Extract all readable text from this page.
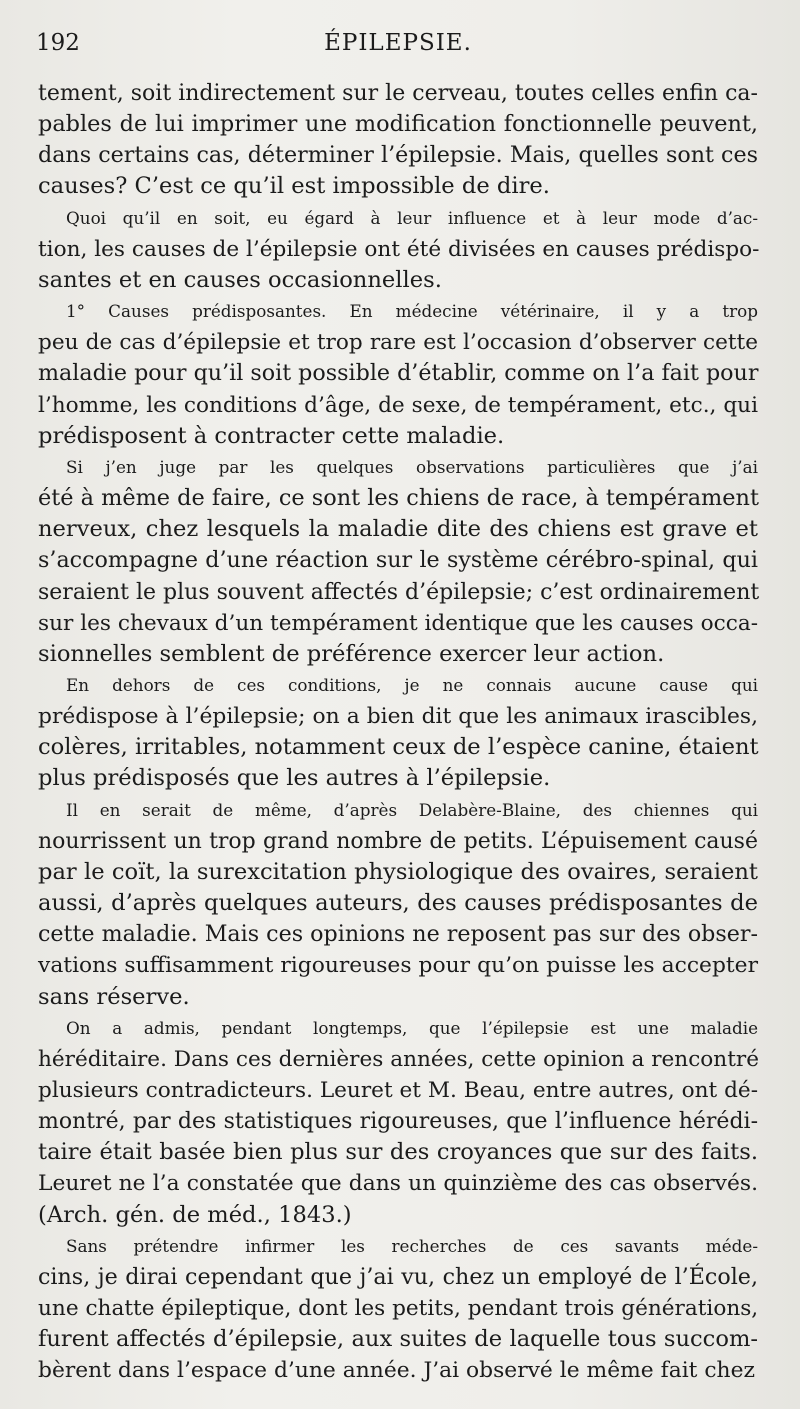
192	ÉPILEPSIE.

tement, soit indirectement sur le cerveau, toutes celles enfin ca-
pables de lui imprimer une modification fonctionnelle peuvent,
dans certains cas, déterminer l’épilepsie. Mais, quelles sont ces
causes? C’est ce qu’il est impossible de dire.

Quoi qu’il en soit, eu égard à leur influence et à leur mode d’ac-
tion, les causes de l’épilepsie ont été divisées en causes prédispo-
santes et en causes occasionnelles.

1° Causes prédisposantes. En médecine vétérinaire, il y a trop
peu de cas d’épilepsie et trop rare est l’occasion d’observer cette
maladie pour qu’il soit possible d’établir, comme on l’a fait pour
l’homme, les conditions d’âge, de sexe, de tempérament, etc., qui
prédisposent à contracter cette maladie.

Si j’en juge par les quelques observations particulières que j’ai
été à même de faire, ce sont les chiens de race, à tempérament
nerveux, chez lesquels la maladie dite des chiens est grave et
s’accompagne d’une réaction sur le système cérébro-spinal, qui
seraient le plus souvent affectés d’épilepsie; c’est ordinairement
sur les chevaux d’un tempérament identique que les causes occa-
sionnelles semblent de préférence exercer leur action.

En dehors de ces conditions, je ne connais aucune cause qui
prédispose à l’épilepsie; on a bien dit que les animaux irascibles,
colères, irritables, notamment ceux de l’espèce canine, étaient
plus prédisposés que les autres à l’épilepsie.

Il en serait de même, d’après Delabère-Blaine, des chiennes qui
nourrissent un trop grand nombre de petits. L’épuisement causé
par le coït, la surexcitation physiologique des ovaires, seraient
aussi, d’après quelques auteurs, des causes prédisposantes de
cette maladie. Mais ces opinions ne reposent pas sur des obser-
vations suffisamment rigoureuses pour qu’on puisse les accepter
sans réserve.

On a admis, pendant longtemps, que l’épilepsie est une maladie
héréditaire. Dans ces dernières années, cette opinion a rencontré
plusieurs contradicteurs. Leuret et M. Beau, entre autres, ont dé-
montré, par des statistiques rigoureuses, que l’influence hérédi-
taire était basée bien plus sur des croyances que sur des faits.
Leuret ne l’a constatée que dans un quinzième des cas observés.
(Arch. gén. de méd., 1843.)

Sans prétendre infirmer les recherches de ces savants méde-
cins, je dirai cependant que j’ai vu, chez un employé de l’École,
une chatte épileptique, dont les petits, pendant trois générations,
furent affectés d’épilepsie, aux suites de laquelle tous succom-
bèrent dans l’espace d’une année. J’ai observé le même fait chez
